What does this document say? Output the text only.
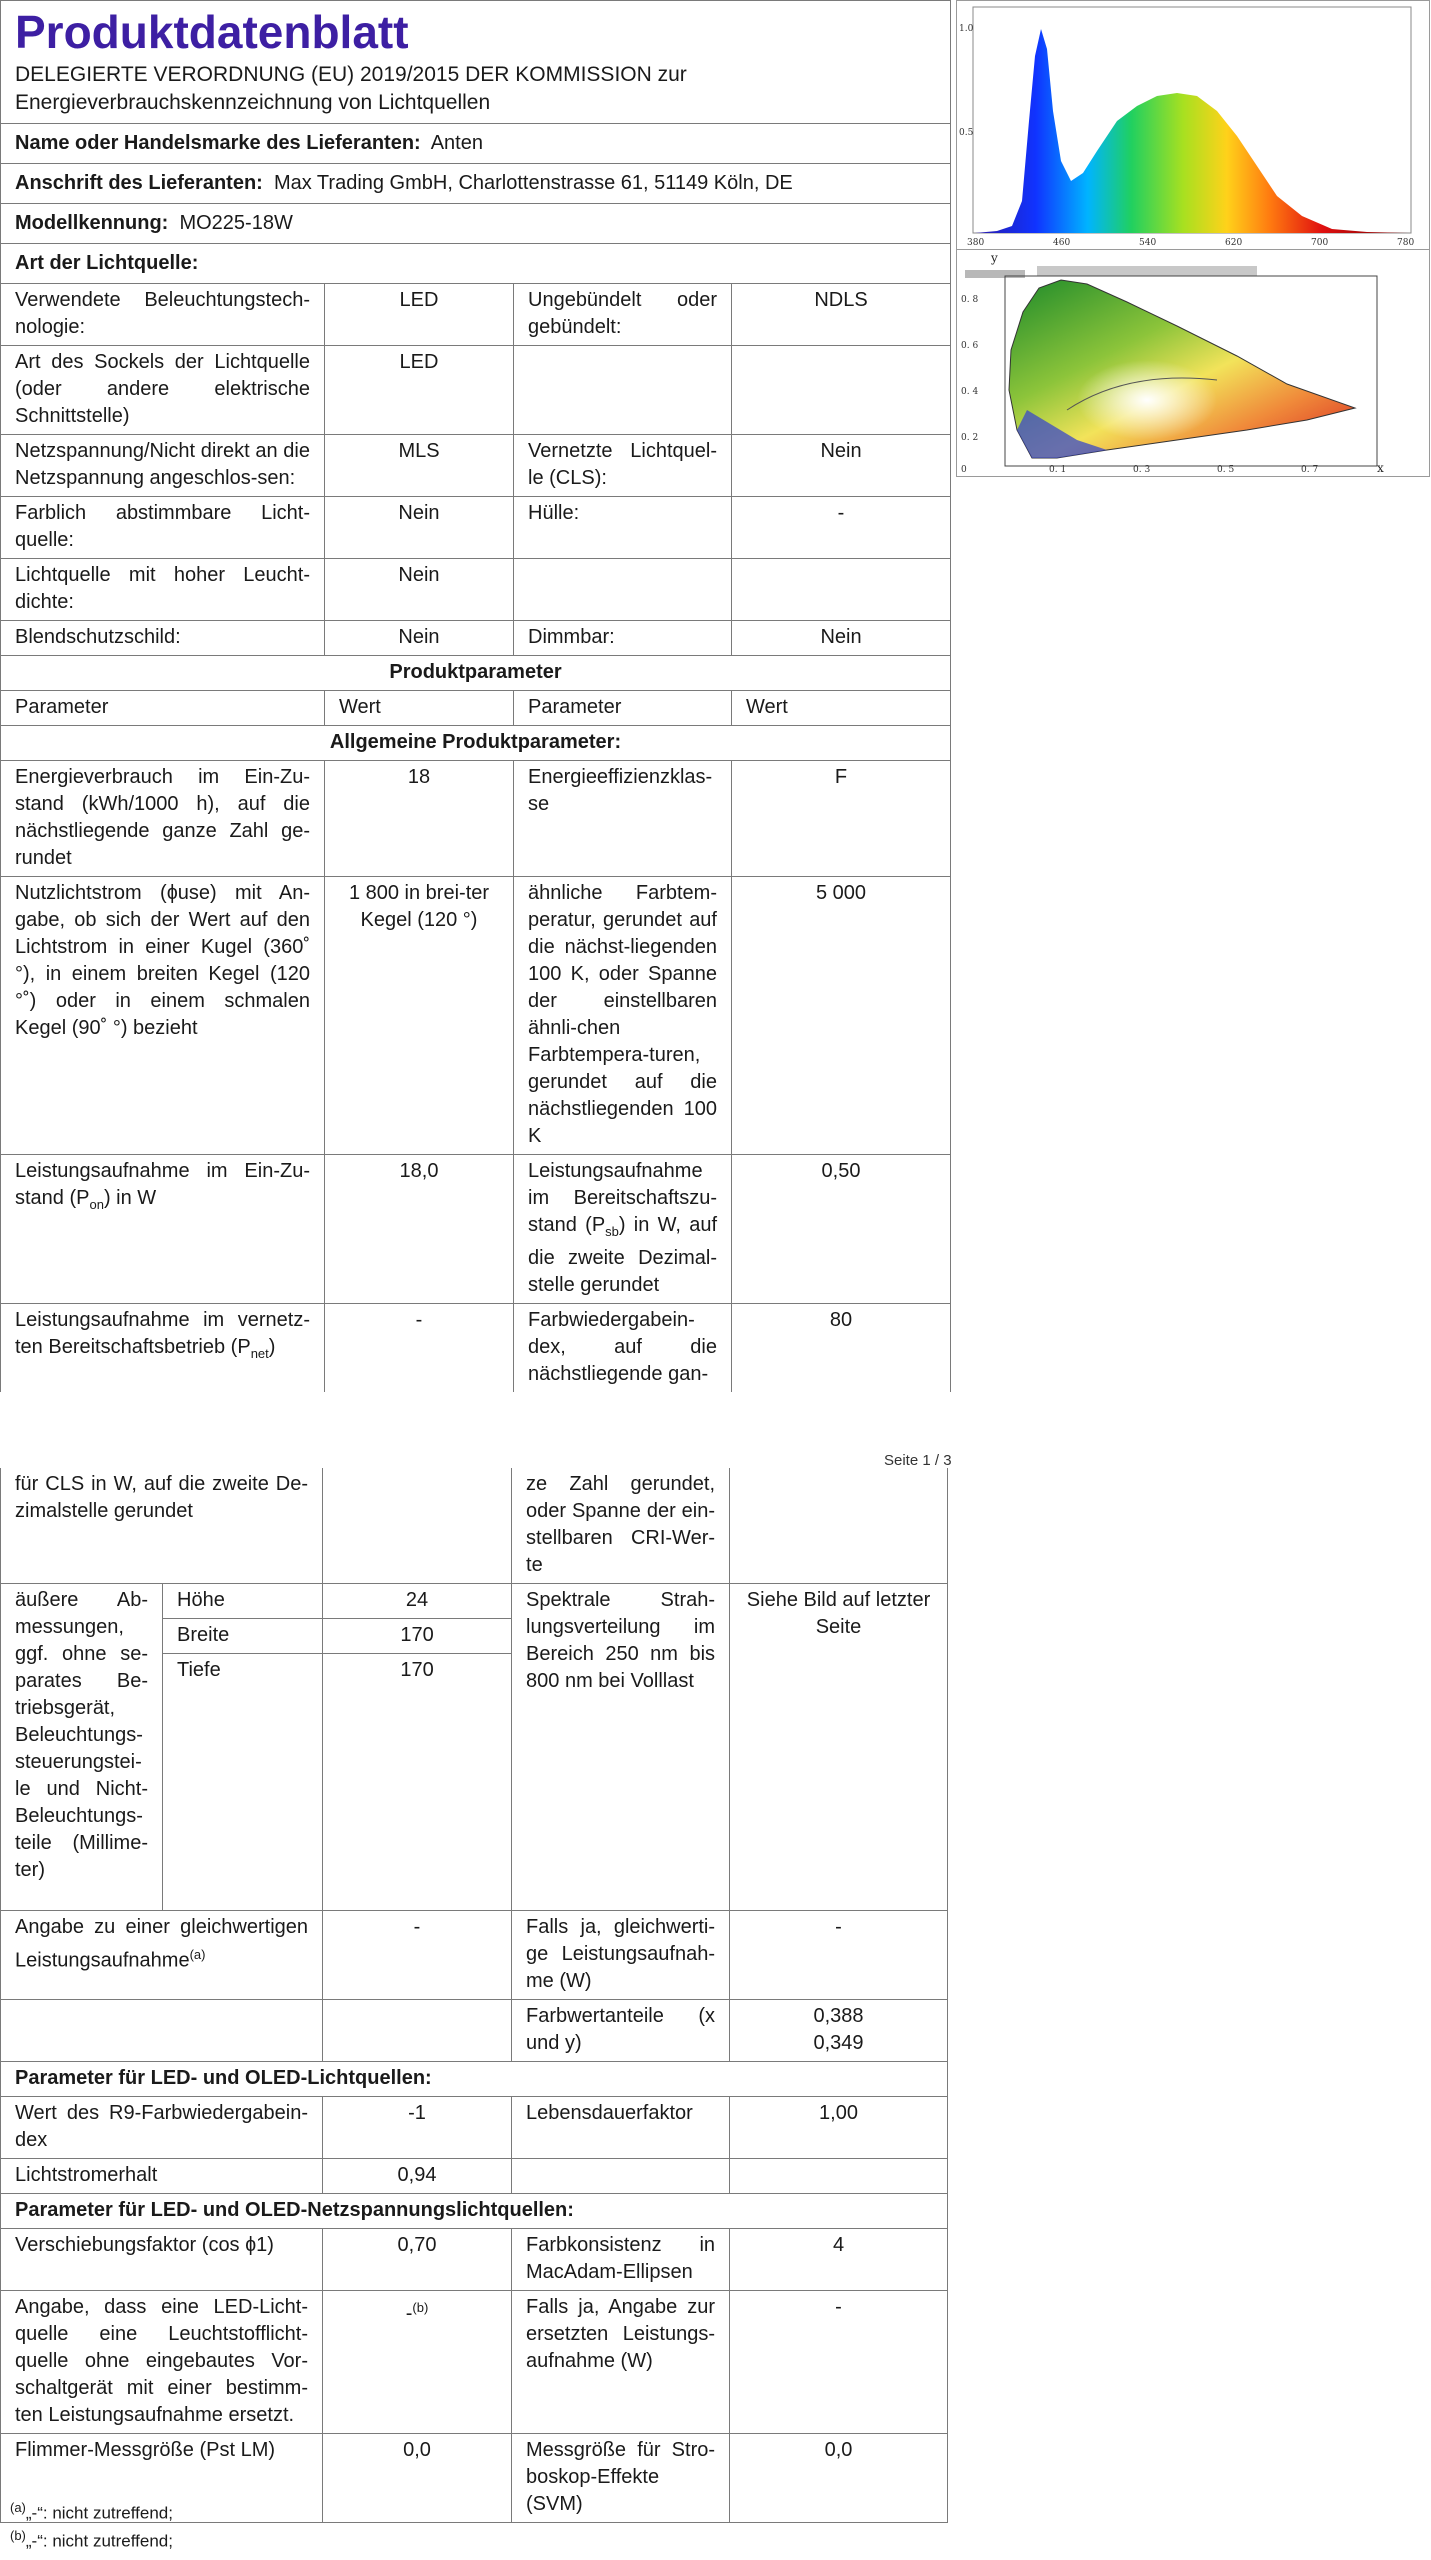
Produktdatenblatt
DELEGIERTE VERORDNUNG (EU) 2019/2015 DER KOMMISSION zur Energieverbrauchskennzeichnung von Lichtquellen			

Name oder Handelsmarke des Lieferanten: Anten			
Anschrift des Lieferanten: Max Trading GmbH, Charlottenstrasse 61, 51149 Köln, DE			
Modellkennung: MO225-18W			
Art der Lichtquelle:			
Verwendete Beleuchtungstech-nologie:	LED	Ungebündelt oder gebündelt:	NDLS
Art des Sockels der Lichtquelle (oder andere elektrische Schnittstelle)	LED		
Netzspannung/Nicht direkt an die Netzspannung angeschlos-sen:	MLS	Vernetzte Lichtquel-le (CLS):	Nein
Farblich abstimmbare Licht-quelle:	Nein	Hülle:	-
Lichtquelle mit hoher Leucht-dichte:	Nein		
Blendschutzschild:	Nein	Dimmbar:	Nein
Produktparameter			
Parameter	Wert	Parameter	Wert
Allgemeine Produktparameter:			
Energieverbrauch im Ein-Zu-stand (kWh/1000 h), auf die nächstliegende ganze Zahl ge-rundet	18	Energieeffizienzklas-se	F
Nutzlichtstrom (ɸuse) mit An-gabe, ob sich der Wert auf den Lichtstrom in einer Kugel (360˚ °), in einem breiten Kegel (120 °˚) oder in einem schmalen Kegel (90˚ °) bezieht	1 800 in brei-ter Kegel (120 °)	ähnliche Farbtem-peratur, gerundet auf die nächst-liegenden 100 K, oder Spanne der einstellbaren ähnli-chen Farbtempera-turen, gerundet auf die nächstliegenden 100 K	5 000
Leistungsaufnahme im Ein-Zu-stand $(P_{on})$ in W	18,0	Leistungsaufnahme im Bereitschaftszu-stand $(P_{sb})$ in W, auf die zweite Dezimal-stelle gerundet	0,50
Leistungsaufnahme im vernetz-ten Bereitschaftsbetrieb $(P_{net})$	-	Farbwiedergabein-dex, auf die nächstliegende gan-	80
Seite 1 / 3
für CLS in W, auf die zweite De-zimalstelle gerundet			ze Zahl gerundet, oder Spanne der ein-stellbaren CRI-Wer-te	
äußere Ab-messungen, ggf. ohne se-parates Be-triebsgerät, Beleuchtungs-steuerungstei-le und Nicht-Beleuchtungs-teile (Millime-ter)	Höhe	24	Spektrale Strah-lungsverteilung im Bereich 250 nm bis 800 nm bei Volllast	Siehe Bild auf letzter Seite
	Breite	170		
	Tiefe	170		

Angabe zu einer gleichwertigen Leistungsaufnahme$^{(a)}$		-	Falls ja, gleichwerti-ge Leistungsaufnah-me (W)	-
			Farbwertanteile (x und y)	0,388
0,349

Parameter für LED- und OLED-Lichtquellen:				
Wert des R9-Farbwiedergabein-dex		-1	Lebensdauerfaktor	1,00
Lichtstromerhalt		0,94		
Parameter für LED- und OLED-Netzspannungslichtquellen:				
Verschiebungsfaktor (cos ɸ1)		0,70	Farbkonsistenz in MacAdam-Ellipsen	4
Angabe, dass eine LED-Licht-quelle eine Leuchtstofflicht-quelle ohne eingebautes Vor-schaltgerät mit einer bestimm-ten Leistungsaufnahme ersetzt.		-$^{(b)}$	Falls ja, Angabe zur ersetzten Leistungs-aufnahme (W)	-
Flimmer-Messgröße (Pst LM)		0,0	Messgröße für Stro-boskop-Effekte (SVM)	0,0
$^{(a)}$„-“: nicht zutreffend;
$^{(b)}$„-“: nicht zutreffend;
380	460	540	620	700	780
1.0
0.5
y
x
0	0. 1	0. 3	0. 5	0. 7
0. 8
0. 6
0. 4
0. 2
